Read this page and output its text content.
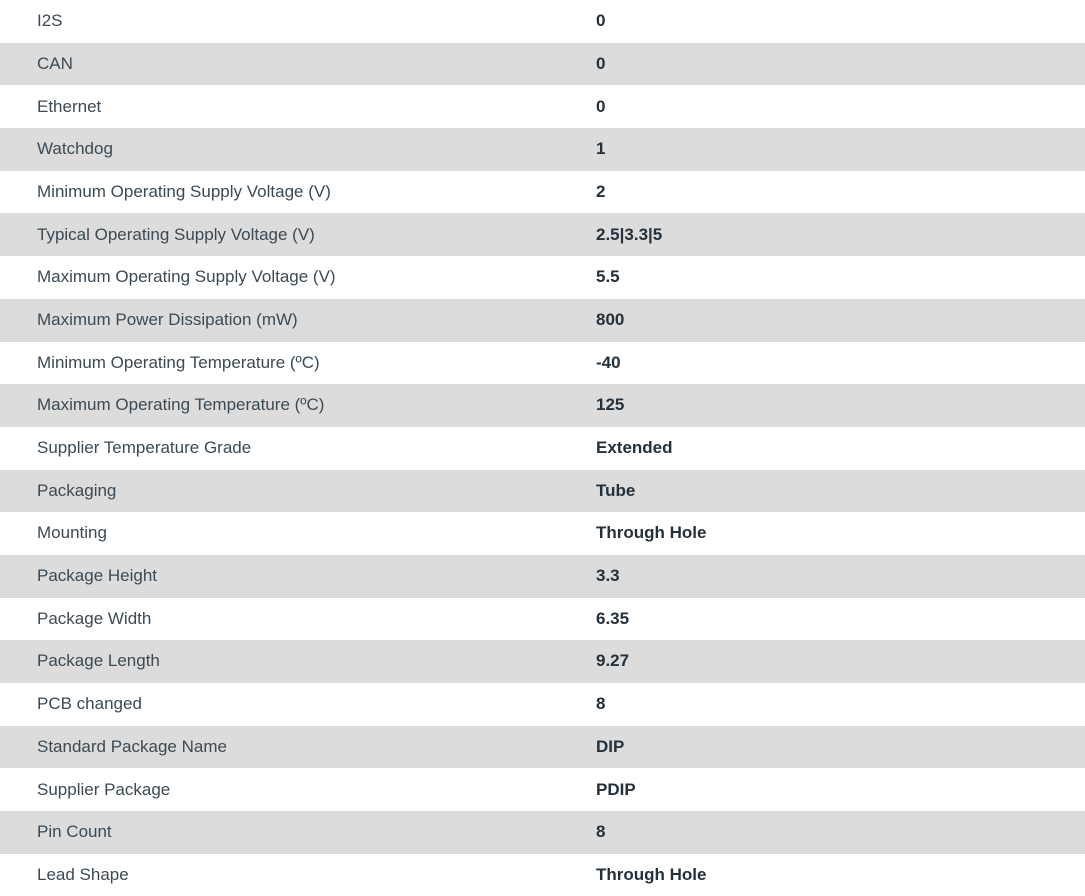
I2S	0
CAN	0
Ethernet	0
Watchdog	1
Minimum Operating Supply Voltage (V)	2
Typical Operating Supply Voltage (V)	2.5|3.3|5
Maximum Operating Supply Voltage (V)	5.5
Maximum Power Dissipation (mW)	800
Minimum Operating Temperature (ºC)	-40
Maximum Operating Temperature (ºC)	125
Supplier Temperature Grade	Extended
Packaging	Tube
Mounting	Through Hole
Package Height	3.3
Package Width	6.35
Package Length	9.27
PCB changed	8
Standard Package Name	DIP
Supplier Package	PDIP
Pin Count	8
Lead Shape	Through Hole
